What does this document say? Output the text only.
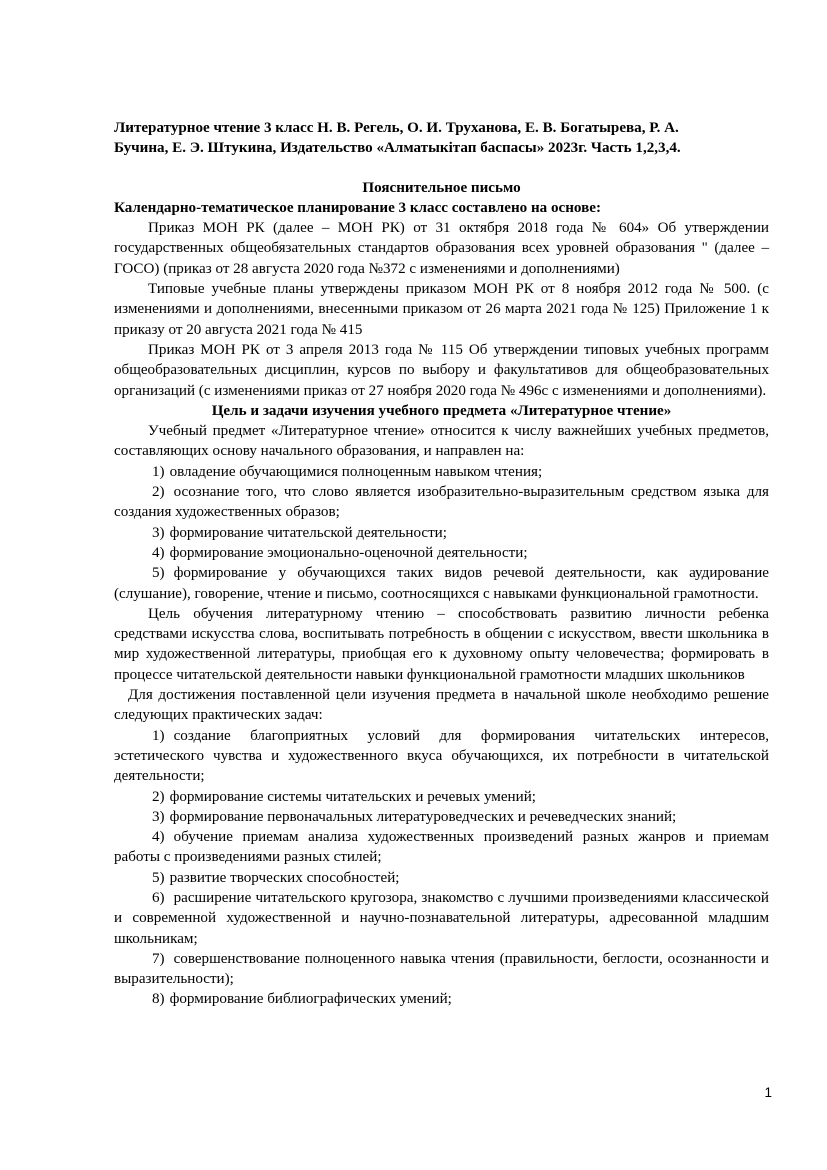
Литературное чтение 3 класс Н. В. Регель, О. И. Труханова, Е. В. Богатырева, Р. А.

Бучина, Е. Э. Штукина, Издательство «Алматыкітап баспасы» 2023г. Часть 1,2,3,4.

Пояснительное письмо

Календарно-тематическое планирование 3 класс составлено на основе:

Приказ МОН РК (далее – МОН РК) от 31 октября 2018 года № 604» Об утверждении государственных общеобязательных стандартов образования всех уровней образования " (далее – ГОСО) (приказ от 28 августа 2020 года №372 с изменениями и дополнениями)

Типовые учебные планы утверждены приказом МОН РК от 8 ноября 2012 года № 500. (с изменениями и дополнениями, внесенными приказом от 26 марта 2021 года № 125) Приложение 1 к приказу от 20 августа 2021 года № 415

Приказ МОН РК от 3 апреля 2013 года № 115 Об утверждении типовых учебных программ общеобразовательных дисциплин, курсов по выбору и факультативов для общеобразовательных организаций (с изменениями приказ от 27 ноября 2020 года № 496с с изменениями и дополнениями).

Цель и задачи изучения учебного предмета «Литературное чтение»

Учебный предмет «Литературное чтение» относится к числу важнейших учебных предметов, составляющих основу начального образования, и направлен на:

1) овладение обучающимися полноценным навыком чтения;

2) осознание того, что слово является изобразительно-выразительным средством языка для создания художественных образов;

3) формирование читательской деятельности;

4) формирование эмоционально-оценочной деятельности;

5) формирование у обучающихся таких видов речевой деятельности, как аудирование (слушание), говорение, чтение и письмо, соотносящихся с навыками функциональной грамотности.

Цель обучения литературному чтению – способствовать развитию личности ребенка средствами искусства слова, воспитывать потребность в общении с искусством, ввести школьника в мир художественной литературы, приобщая его к духовному опыту человечества; формировать в процессе читательской деятельности навыки функциональной грамотности младших школьников

Для достижения поставленной цели изучения предмета в начальной школе необходимо решение следующих практических задач:

1) создание благоприятных условий для формирования читательских интересов, эстетического чувства и художественного вкуса обучающихся, их потребности в читательской деятельности;

2) формирование системы читательских и речевых умений;

3) формирование первоначальных литературоведческих и речеведческих знаний;

4) обучение приемам анализа художественных произведений разных жанров и приемам работы с произведениями разных стилей;

5) развитие творческих способностей;

6) расширение читательского кругозора, знакомство с лучшими произведениями классической и современной художественной и научно-познавательной литературы, адресованной младшим школьникам;

7) совершенствование полноценного навыка чтения (правильности, беглости, осознанности и выразительности);

8) формирование библиографических умений;

1
